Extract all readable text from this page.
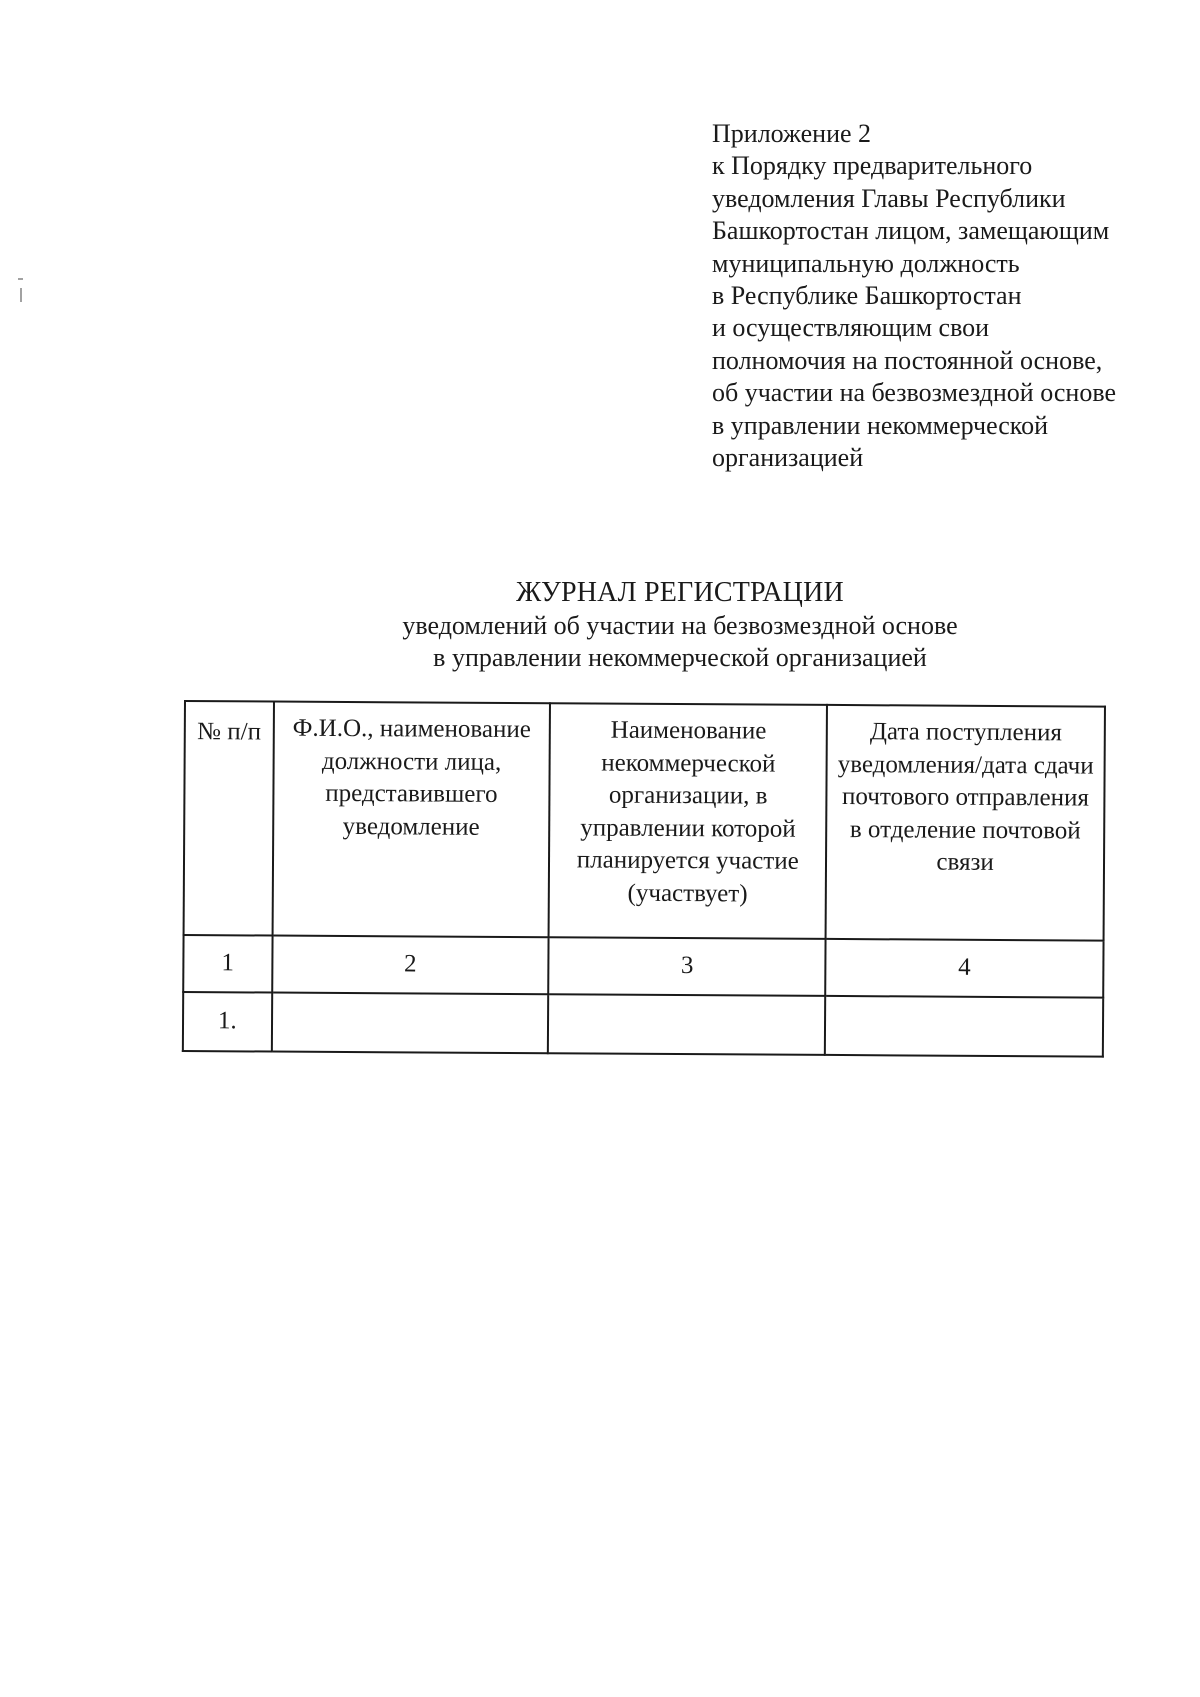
Приложение 2
к Порядку предварительного
уведомления Главы Республики
Башкортостан лицом, замещающим
муниципальную должность
в Республике Башкортостан
и осуществляющим свои
полномочия на постоянной основе,
об участии на безвозмездной основе
в управлении некоммерческой
организацией
ЖУРНАЛ РЕГИСТРАЦИИ
уведомлений об участии на безвозмездной основе
в управлении некоммерческой организацией
№ п/п	Ф.И.О., наименование должности лица, представившего уведомление	Наименование некоммерческой организации, в управлении которой планируется участие (участвует)	Дата поступления уведомления/дата сдачи почтового отправления в отделение почтовой связи
1	2	3	4
1.			
